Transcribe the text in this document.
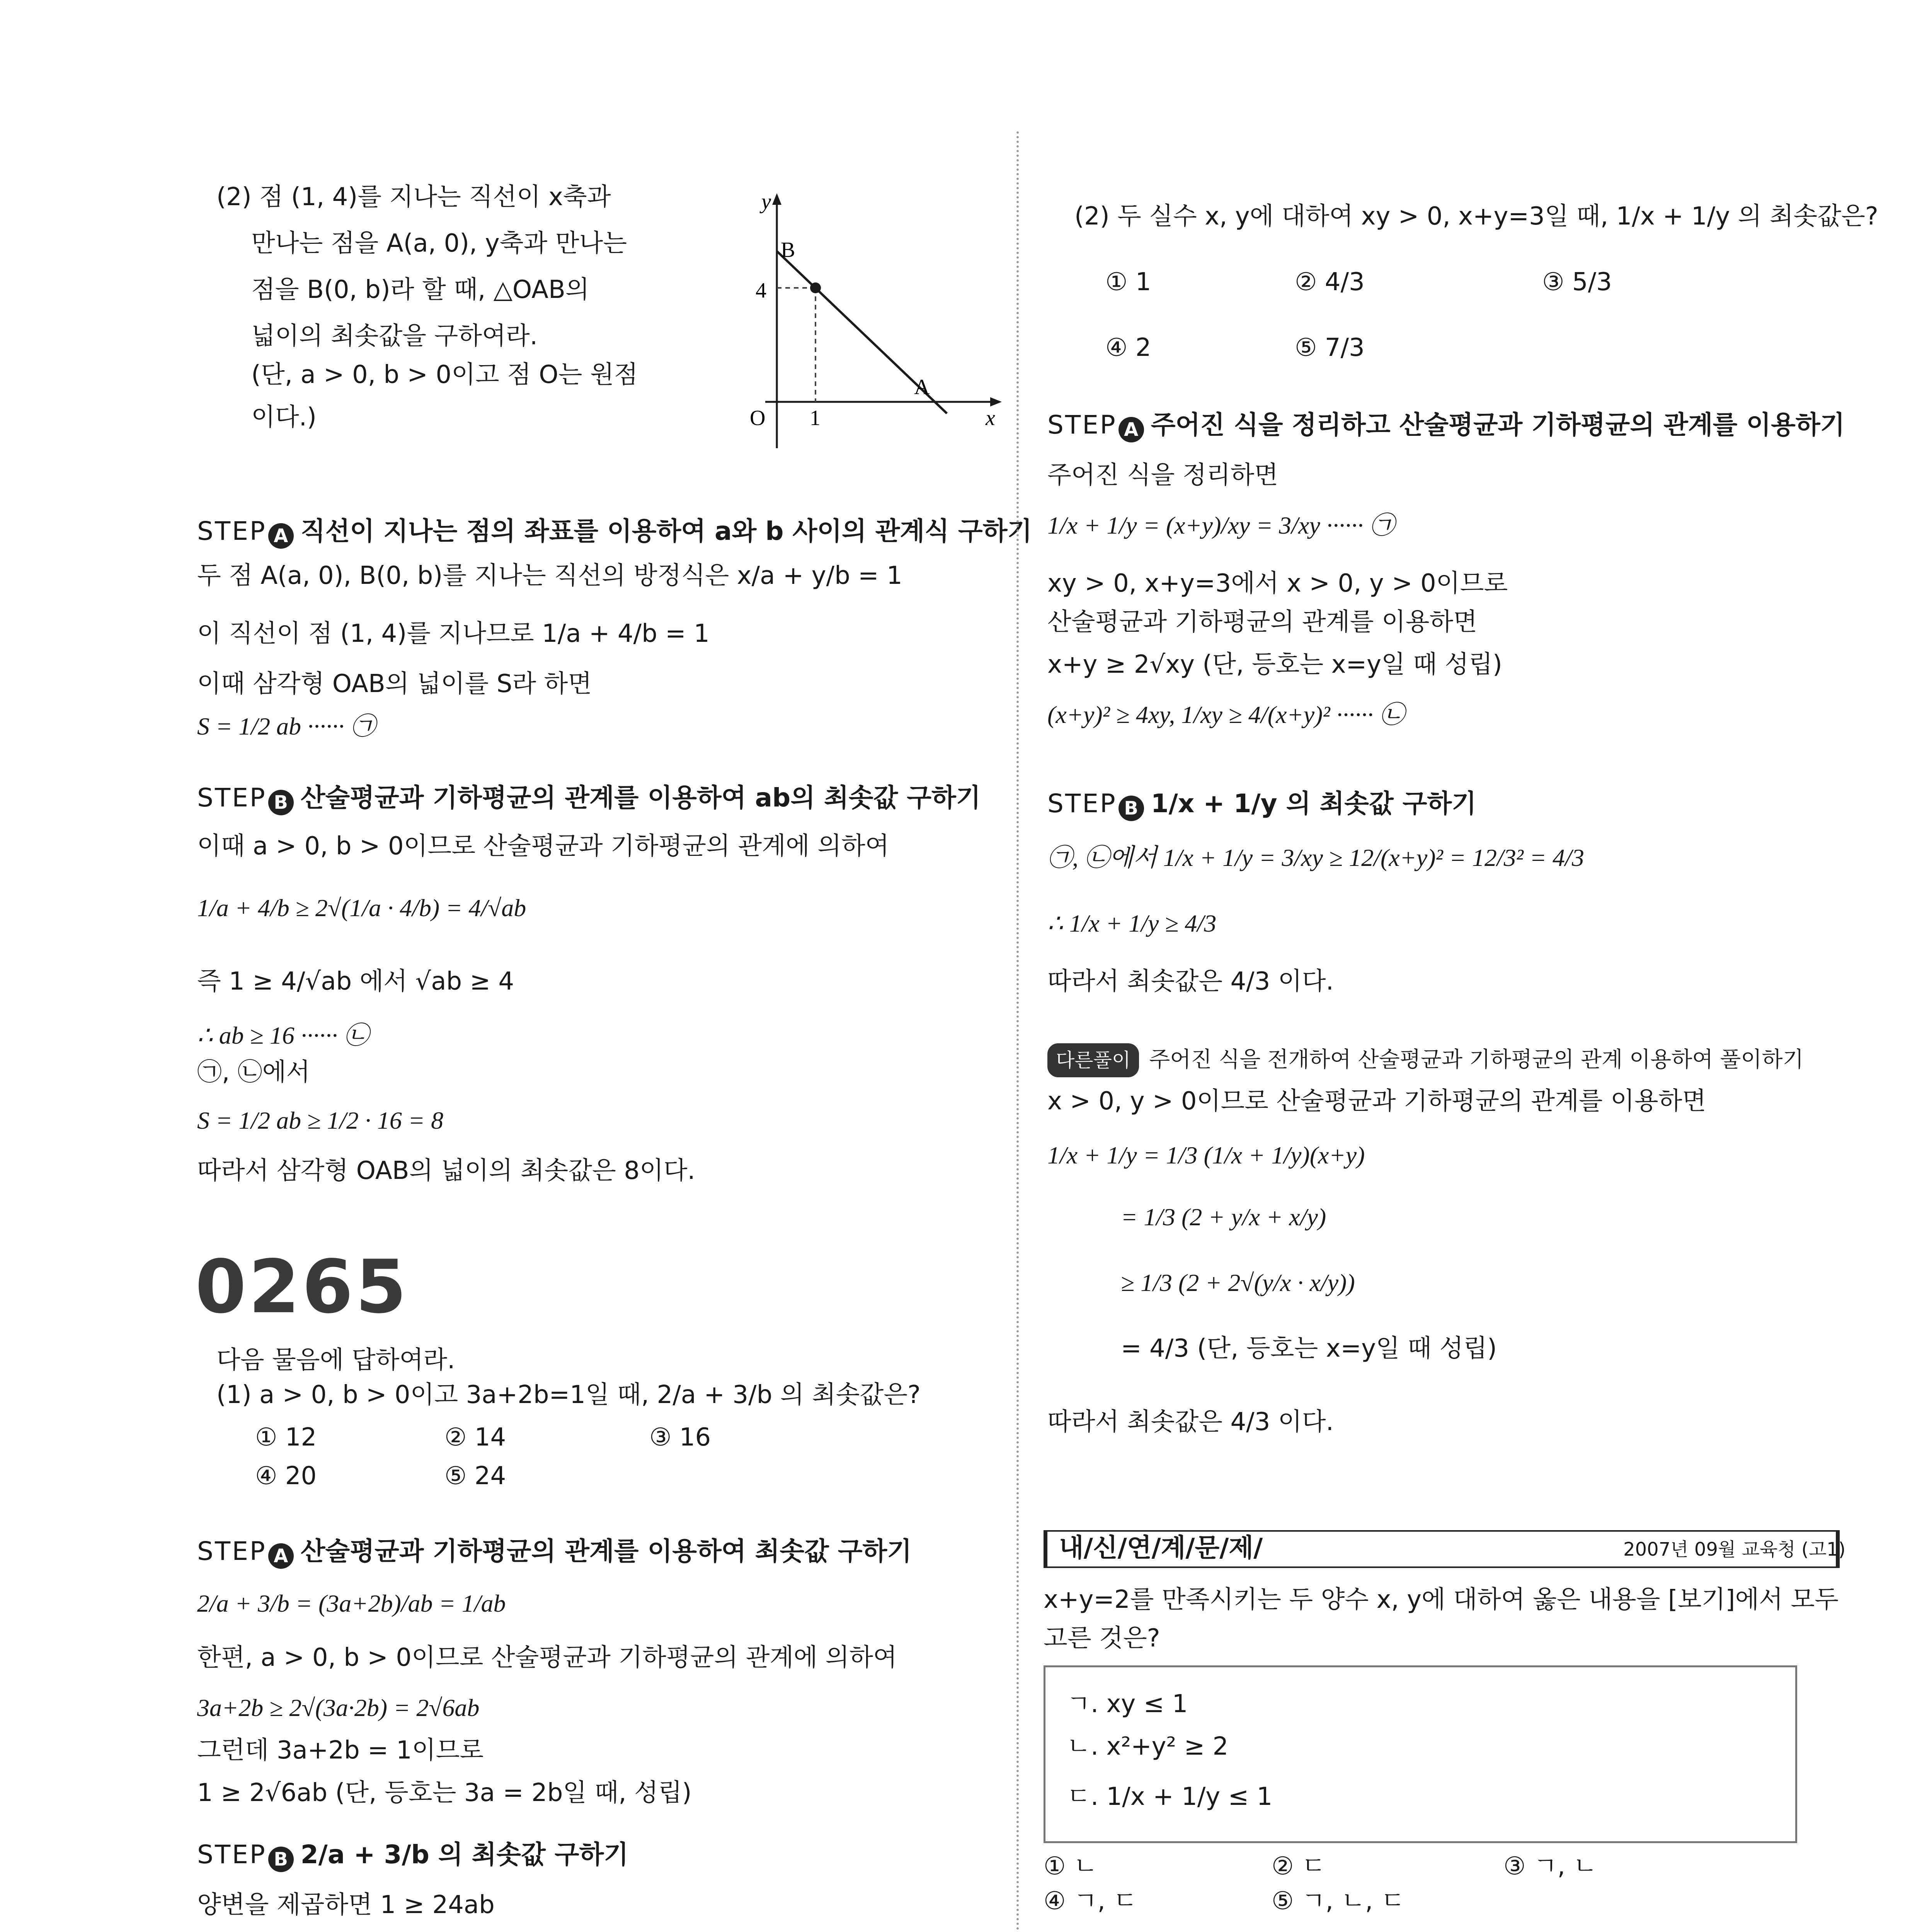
(2) 점 (1, 4)를 지나는 직선이 x축과
만나는 점을 A(a, 0), y축과 만나는
점을 B(0, b)라 할 때, △OAB의
넓이의 최솟값을 구하여라.
(단, a > 0, b > 0이고 점 O는 원점
이다.)
y
B
4
O 1
A
x
STEP A 직선이 지나는 점의 좌표를 이용하여 a와 b 사이의 관계식 구하기
두 점 A(a, 0), B(0, b)를 지나는 직선의 방정식은 x/a + y/b = 1
이 직선이 점 (1, 4)를 지나므로 1/a + 4/b = 1
이때 삼각형 OAB의 넓이를 S라 하면
S = 1/2 ab ······ ㉠
STEP B 산술평균과 기하평균의 관계를 이용하여 ab의 최솟값 구하기
이때 a > 0, b > 0이므로 산술평균과 기하평균의 관계에 의하여
1/a + 4/b ≥ 2√(1/a · 4/b) = 4/√ab
즉 1 ≥ 4/√ab 에서 √ab ≥ 4
∴ ab ≥ 16 ······ ㉡
㉠, ㉡에서
S = 1/2 ab ≥ 1/2 · 16 = 8
따라서 삼각형 OAB의 넓이의 최솟값은 8이다.
0265
다음 물음에 답하여라.
(1) a > 0, b > 0이고 3a+2b=1일 때, 2/a + 3/b 의 최솟값은?
① 12	② 14	③ 16
④ 20	⑤ 24
STEP A 산술평균과 기하평균의 관계를 이용하여 최솟값 구하기
2/a + 3/b = (3a+2b)/ab = 1/ab
한편, a > 0, b > 0이므로 산술평균과 기하평균의 관계에 의하여
3a+2b ≥ 2√(3a·2b) = 2√6ab
그런데 3a+2b = 1이므로
1 ≥ 2√6ab (단, 등호는 3a = 2b일 때, 성립)
STEP B 2/a + 3/b 의 최솟값 구하기
양변을 제곱하면 1 ≥ 24ab
(2) 두 실수 x, y에 대하여 xy > 0, x+y=3일 때, 1/x + 1/y 의 최솟값은?
① 1	② 4/3	③ 5/3
④ 2	⑤ 7/3
STEP A 주어진 식을 정리하고 산술평균과 기하평균의 관계를 이용하기
주어진 식을 정리하면
1/x + 1/y = (x+y)/xy = 3/xy ······ ㉠
xy > 0, x+y=3에서 x > 0, y > 0이므로
산술평균과 기하평균의 관계를 이용하면
x+y ≥ 2√xy (단, 등호는 x=y일 때 성립)
(x+y)² ≥ 4xy, 1/xy ≥ 4/(x+y)² ······ ㉡
STEP B 1/x + 1/y 의 최솟값 구하기
㉠, ㉡에서 1/x + 1/y = 3/xy ≥ 12/(x+y)² = 12/3² = 4/3
∴ 1/x + 1/y ≥ 4/3
따라서 최솟값은 4/3 이다.
다른풀이 주어진 식을 전개하여 산술평균과 기하평균의 관계 이용하여 풀이하기
x > 0, y > 0이므로 산술평균과 기하평균의 관계를 이용하면
1/x + 1/y = 1/3 (1/x + 1/y)(x+y)
= 1/3 (2 + y/x + x/y)
≥ 1/3 (2 + 2√(y/x · x/y))
= 4/3 (단, 등호는 x=y일 때 성립)
따라서 최솟값은 4/3 이다.
내/신/연/계/문/제/	2007년 09월 교육청 (고1)
x+y=2를 만족시키는 두 양수 x, y에 대하여 옳은 내용을 [보기]에서 모두
고른 것은?
ㄱ. xy ≤ 1
ㄴ. x²+y² ≥ 2
ㄷ. 1/x + 1/y ≤ 1
① ㄴ	② ㄷ	③ ㄱ, ㄴ
④ ㄱ, ㄷ	⑤ ㄱ, ㄴ, ㄷ
